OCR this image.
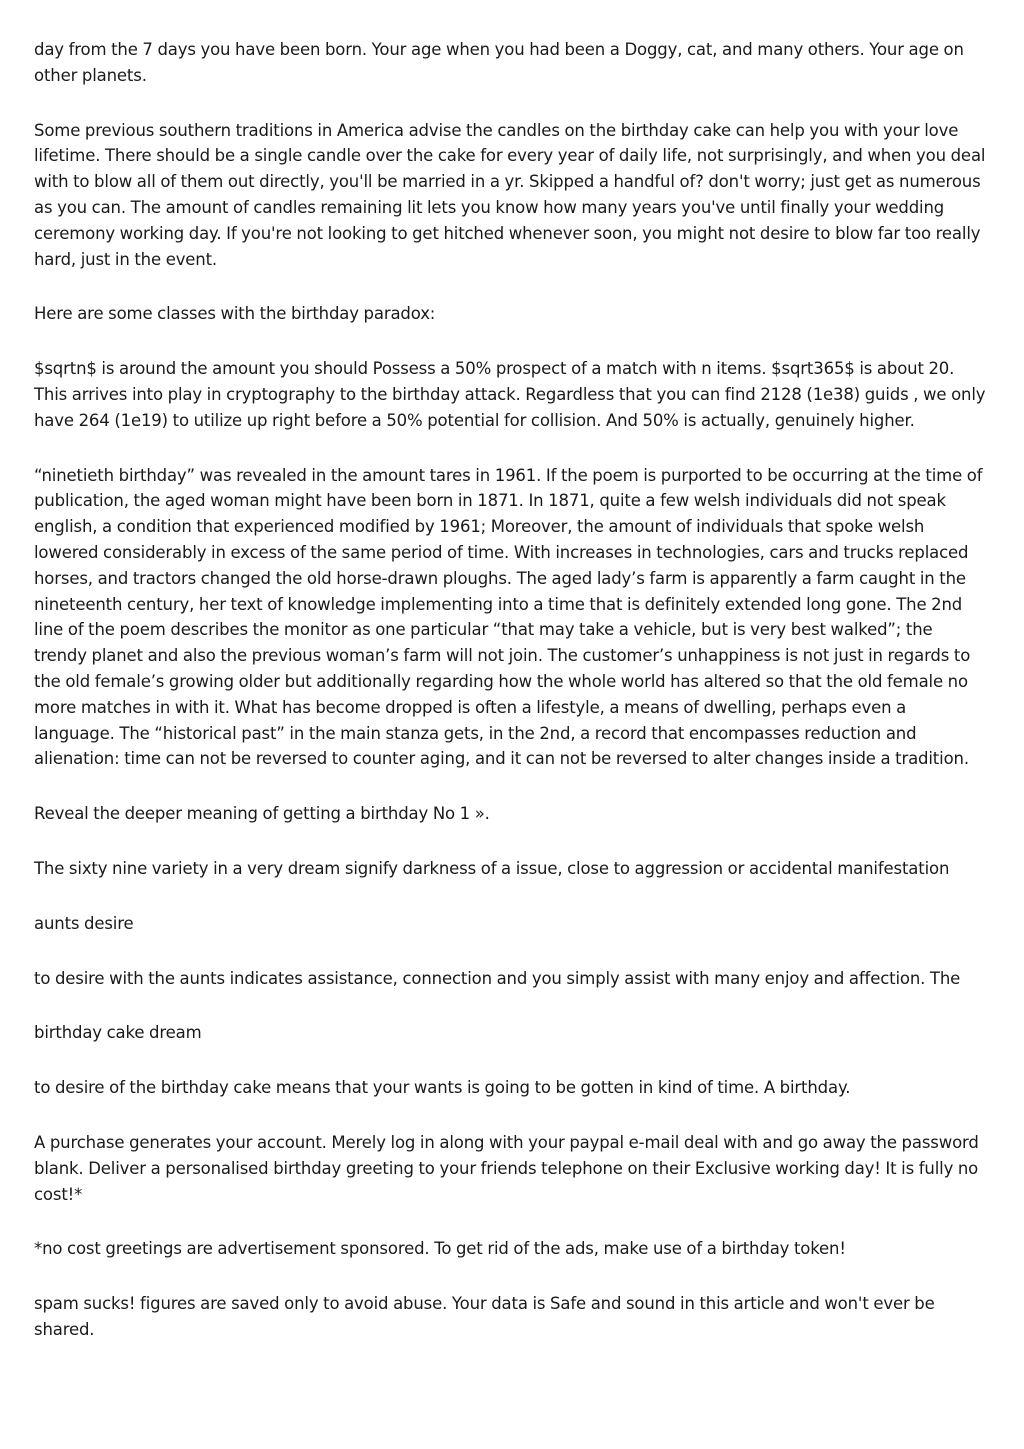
day from the 7 days you have been born. Your age when you had been a Doggy, cat, and many others. Your age on other planets.

Some previous southern traditions in America advise the candles on the birthday cake can help you with your love lifetime. There should be a single candle over the cake for every year of daily life, not surprisingly, and when you deal with to blow all of them out directly, you'll be married in a yr. Skipped a handful of? don't worry; just get as numerous as you can. The amount of candles remaining lit lets you know how many years you've until finally your wedding ceremony working day. If you're not looking to get hitched whenever soon, you might not desire to blow far too really hard, just in the event.

Here are some classes with the birthday paradox:

$sqrtn$ is around the amount you should Possess a 50% prospect of a match with n items. $sqrt365$ is about 20. This arrives into play in cryptography to the birthday attack. Regardless that you can find 2128 (1e38) guids , we only have 264 (1e19) to utilize up right before a 50% potential for collision. And 50% is actually, genuinely higher.

“ninetieth birthday” was revealed in the amount tares in 1961. If the poem is purported to be occurring at the time of publication, the aged woman might have been born in 1871. In 1871, quite a few welsh individuals did not speak english, a condition that experienced modified by 1961; Moreover, the amount of individuals that spoke welsh lowered considerably in excess of the same period of time. With increases in technologies, cars and trucks replaced horses, and tractors changed the old horse-drawn ploughs. The aged lady’s farm is apparently a farm caught in the nineteenth century, her text of knowledge implementing into a time that is definitely extended long gone. The 2nd line of the poem describes the monitor as one particular “that may take a vehicle, but is very best walked”; the trendy planet and also the previous woman’s farm will not join. The customer’s unhappiness is not just in regards to the old female’s growing older but additionally regarding how the whole world has altered so that the old female no more matches in with it. What has become dropped is often a lifestyle, a means of dwelling, perhaps even a language. The “historical past” in the main stanza gets, in the 2nd, a record that encompasses reduction and alienation: time can not be reversed to counter aging, and it can not be reversed to alter changes inside a tradition.

Reveal the deeper meaning of getting a birthday No 1 ».

The sixty nine variety in a very dream signify darkness of a issue, close to aggression or accidental manifestation

aunts desire

to desire with the aunts indicates assistance, connection and you simply assist with many enjoy and affection. The

birthday cake dream

to desire of the birthday cake means that your wants is going to be gotten in kind of time. A birthday.

A purchase generates your account. Merely log in along with your paypal e-mail deal with and go away the password blank. Deliver a personalised birthday greeting to your friends telephone on their Exclusive working day! It is fully no cost!*

*no cost greetings are advertisement sponsored. To get rid of the ads, make use of a birthday token!

spam sucks! figures are saved only to avoid abuse. Your data is Safe and sound in this article and won't ever be shared.
